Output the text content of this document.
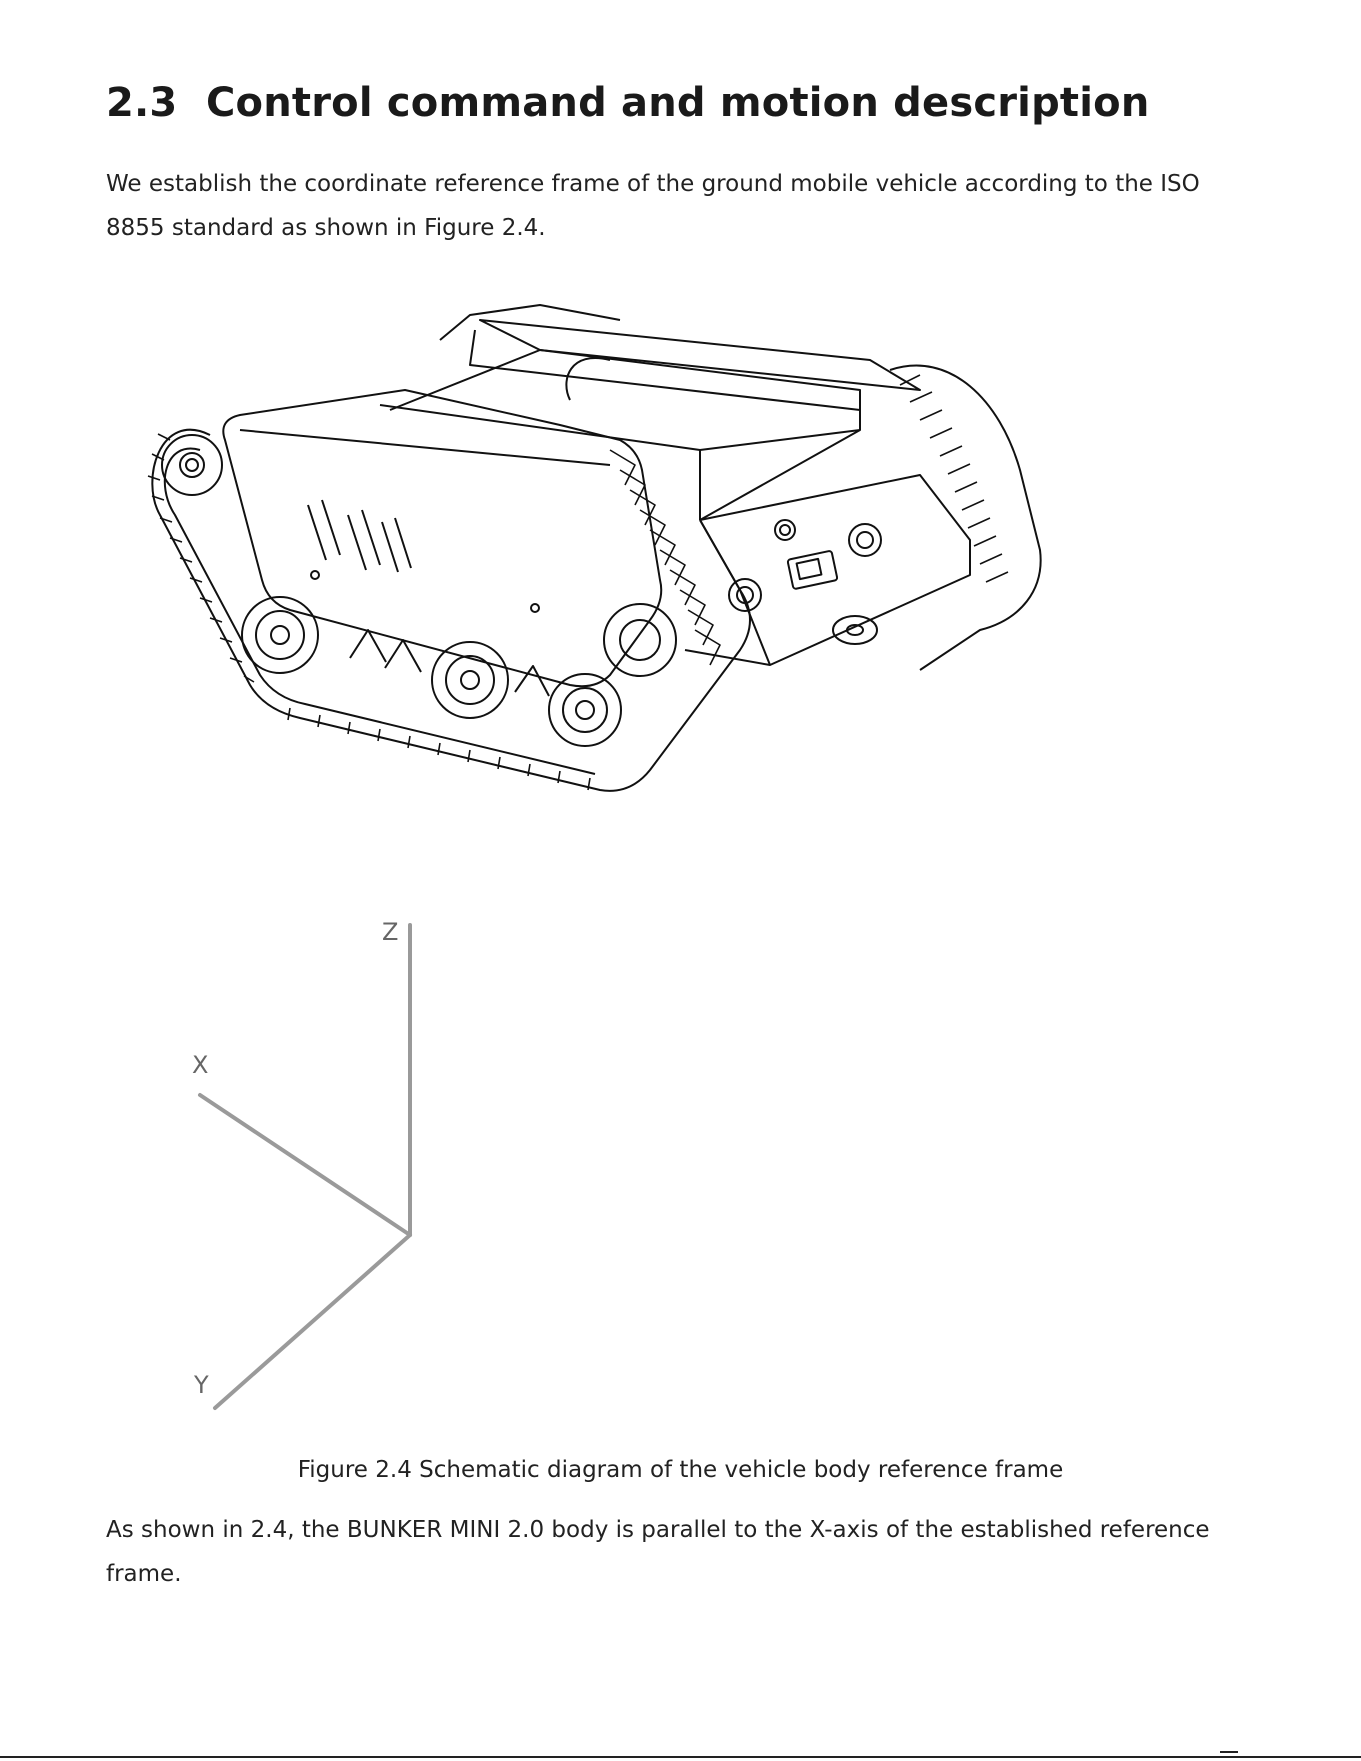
2.3 Control command and motion description

We establish the coordinate reference frame of the ground mobile vehicle according to the ISO 8855 standard as shown in Figure 2.4.

Z
X
Y

Figure 2.4 Schematic diagram of the vehicle body reference frame

As shown in 2.4, the BUNKER MINI 2.0 body is parallel to the X-axis of the established reference frame.
